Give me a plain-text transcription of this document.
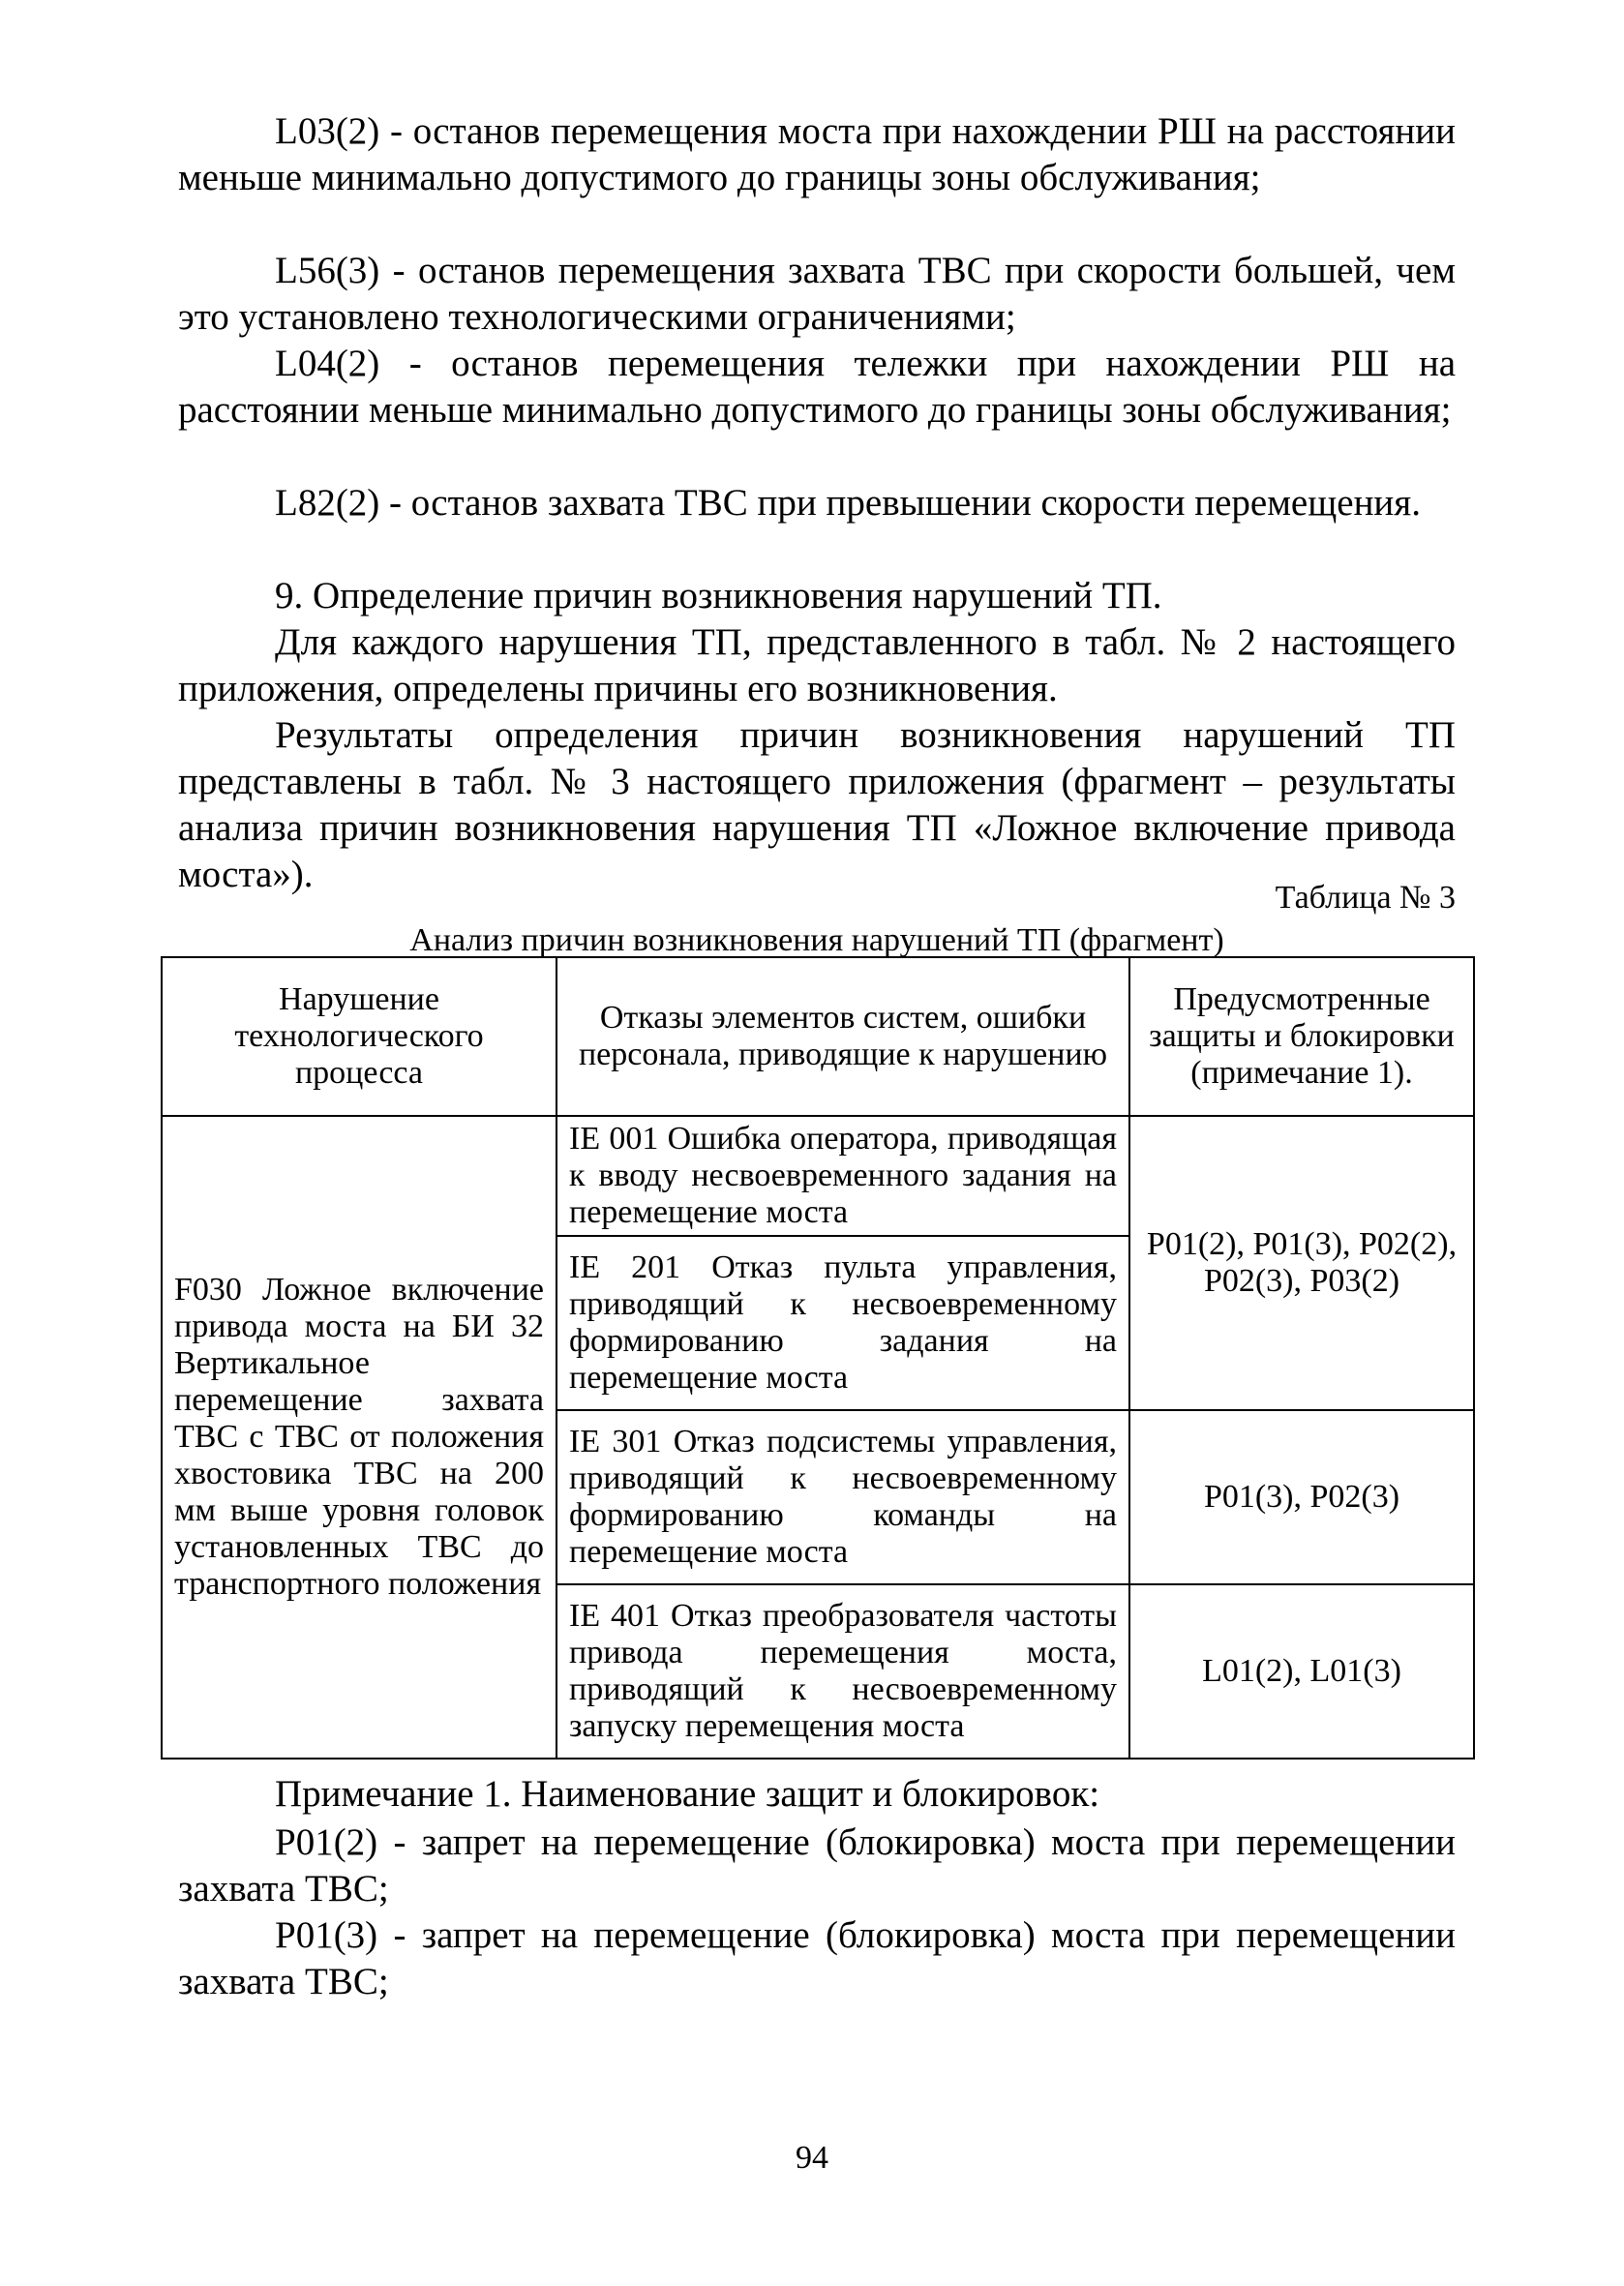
L03(2) - останов перемещения моста при нахождении РШ на расстоянии меньше минимально допустимого до границы зоны обслуживания;

L56(3) - останов перемещения захвата ТВС при скорости большей, чем это установлено технологическими ограничениями;

L04(2) - останов перемещения тележки при нахождении РШ на расстоянии меньше минимально допустимого до границы зоны обслуживания;

L82(2) - останов захвата ТВС при превышении скорости перемещения.

9. Определение причин возникновения нарушений ТП.

Для каждого нарушения ТП, представленного в табл. № 2 настоящего приложения, определены причины его возникновения.

Результаты определения причин возникновения нарушений ТП представлены в табл. № 3 настоящего приложения (фрагмент – результаты анализа причин возникновения нарушения ТП «Ложное включение привода моста»).

Таблица № 3
Анализ причин возникновения нарушений ТП (фрагмент)
Нарушение технологического процесса	Отказы элементов систем, ошибки персонала, приводящие к нарушению	Предусмотренные защиты и блокировки (примечание 1).
F030 Ложное включение привода моста на БИ 32 Вертикальное перемещение захвата ТВС с ТВС от положения хвостовика ТВС на 200 мм выше уровня головок установленных ТВС до транспортного положения	IE 001 Ошибка оператора, приводящая к вводу несвоевременного задания на перемещение моста	P01(2), P01(3), P02(2), P02(3), P03(2)
	IE 201 Отказ пульта управления, приводящий к несвоевременному формированию задания на перемещение моста	
	IE 301 Отказ подсистемы управления, приводящий к несвоевременному формированию команды на перемещение моста	P01(3), P02(3)
	IE 401 Отказ преобразователя частоты привода перемещения моста, приводящий к несвоевременному запуску перемещения моста	L01(2), L01(3)
Примечание 1. Наименование защит и блокировок:

P01(2) - запрет на перемещение (блокировка) моста при перемещении захвата ТВС;

P01(3) - запрет на перемещение (блокировка) моста при перемещении захвата ТВС;

94
